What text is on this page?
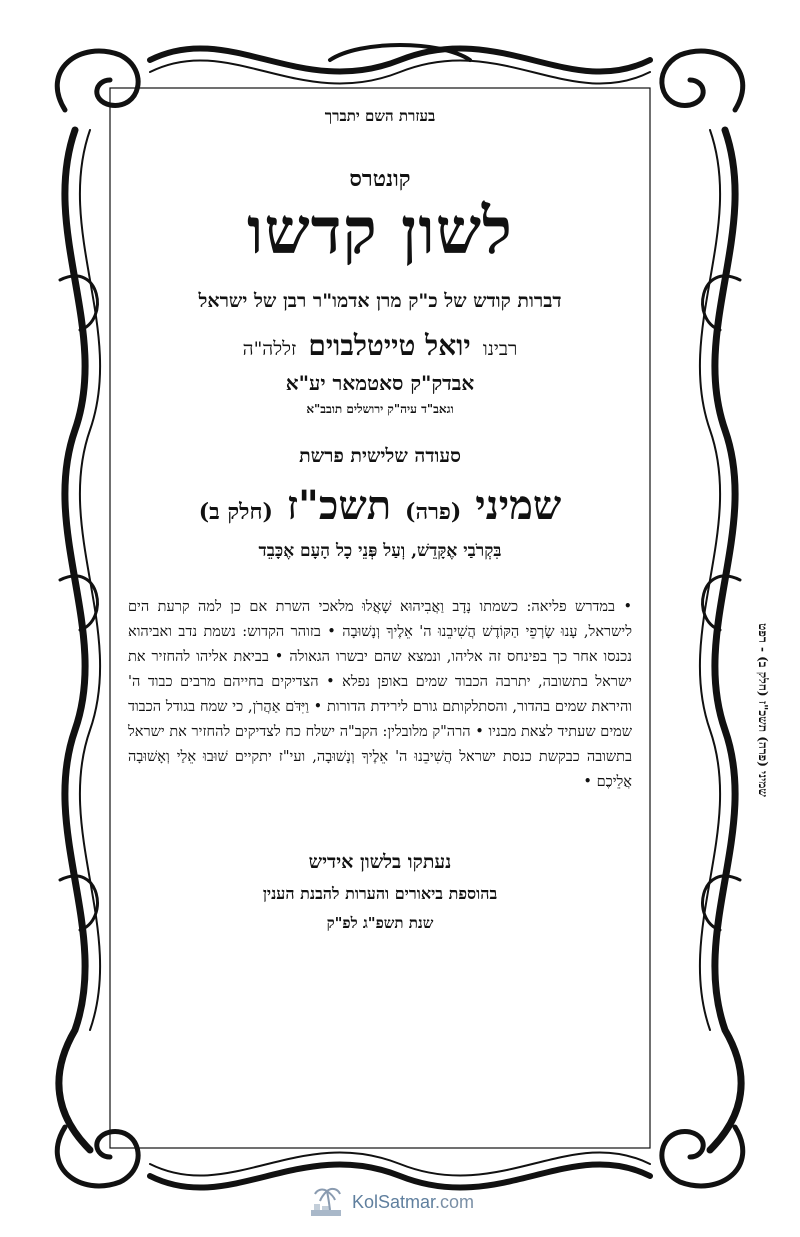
בעזרת השם יתברך
קונטרס
לשון קדשו
דברות קודש של כ"ק מרן אדמו"ר רבן של ישראל
רבינו יואל טייטלבוים זללה"ה
אבדק"ק סאטמאר יע"א
וגאב"ד עיה"ק ירושלים תובב"א
סעודה שלישית פרשת
שמיני (פרה) תשכ"ז (חלק ב)
בִּקְרֹבַי אֶקָּדֵשׁ, וְעַל פְּנֵי כָל הָעָם אֶכָּבֵד
• במדרש פליאה: כשמתו נָדָב וַאֲבִיהוּא שָׁאֲלוּ מלאכי השרת אם כן למה קרעת הים לישראל, עָנוּ שָׂרְפֵי הַקּוֹדֶשׁ הֲשִׁיבֵנוּ ה' אֵלֶיךָ וְנָשׁוּבָה • בזוהר הקדוש: נשמת נדב ואביהוא נכנסו אחר כך בפינחס זה אליהו, ונמצא שהם יבשרו הגאולה • בביאת אליהו להחזיר את ישראל בתשובה, יתרבה הכבוד שמים באופן נפלא • הצדיקים בחייהם מרבים כבוד ה' והיראת שמים בהדור, והסתלקותם גורם לירידת הדורות • וַיִּדֹּם אַהֲרֹן, כי שמח בגודל הכבוד שמים שעתיד לצאת מבניו • הרה"ק מלובלין: הקב"ה ישלח כח לצדיקים להחזיר את ישראל בתשובה כבקשת כנסת ישראל הֲשִׁיבֵנוּ ה' אֵלֶיךָ וְנָשׁוּבָה, ועי"ז יתקיים שׁוּבוּ אֵלַי וְאָשׁוּבָה אֲלֵיכֶם •
נעתקו בלשון אידיש
בהוספת ביאורים והערות להבנת הענין
שנת תשפ"ג לפ"ק
שמיני (פרה) תשכ"ז (חלק ב) - רפט
KolSatmar.com
